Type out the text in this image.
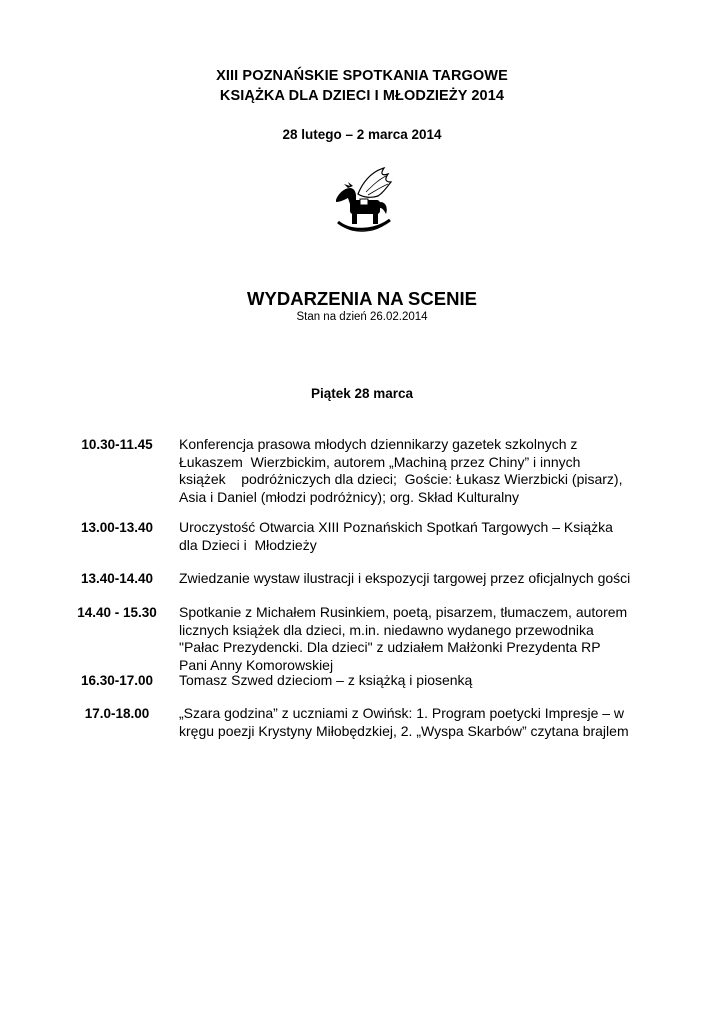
XIII POZNAŃSKIE SPOTKANIA TARGOWE
KSIĄŻKA DLA DZIECI I MŁODZIEŻY 2014
28 lutego – 2 marca 2014
WYDARZENIA NA SCENIE
Stan na dzień 26.02.2014
Piątek 28 marca
10.30-11.45	Konferencja prasowa młodych dziennikarzy gazetek szkolnych z
Łukaszem  Wierzbickim, autorem „Machiną przez Chiny” i innych
książek    podróżniczych dla dzieci;  Goście: Łukasz Wierzbicki (pisarz),
Asia i Daniel (młodzi podróżnicy); org. Skład Kulturalny
13.00-13.40	Uroczystość Otwarcia XIII Poznańskich Spotkań Targowych – Książka
dla Dzieci i  Młodzieży
13.40-14.40	Zwiedzanie wystaw ilustracji i ekspozycji targowej przez oficjalnych gości
14.40 - 15.30	Spotkanie z Michałem Rusinkiem, poetą, pisarzem, tłumaczem, autorem
licznych książek dla dzieci, m.in. niedawno wydanego przewodnika
"Pałac Prezydencki. Dla dzieci" z udziałem Małżonki Prezydenta RP
Pani Anny Komorowskiej
16.30-17.00	Tomasz Szwed dzieciom – z książką i piosenką
17.0-18.00	„Szara godzina” z uczniami z Owińsk: 1. Program poetycki Impresje – w
kręgu poezji Krystyny Miłobędzkiej, 2. „Wyspa Skarbów” czytana brajlem
